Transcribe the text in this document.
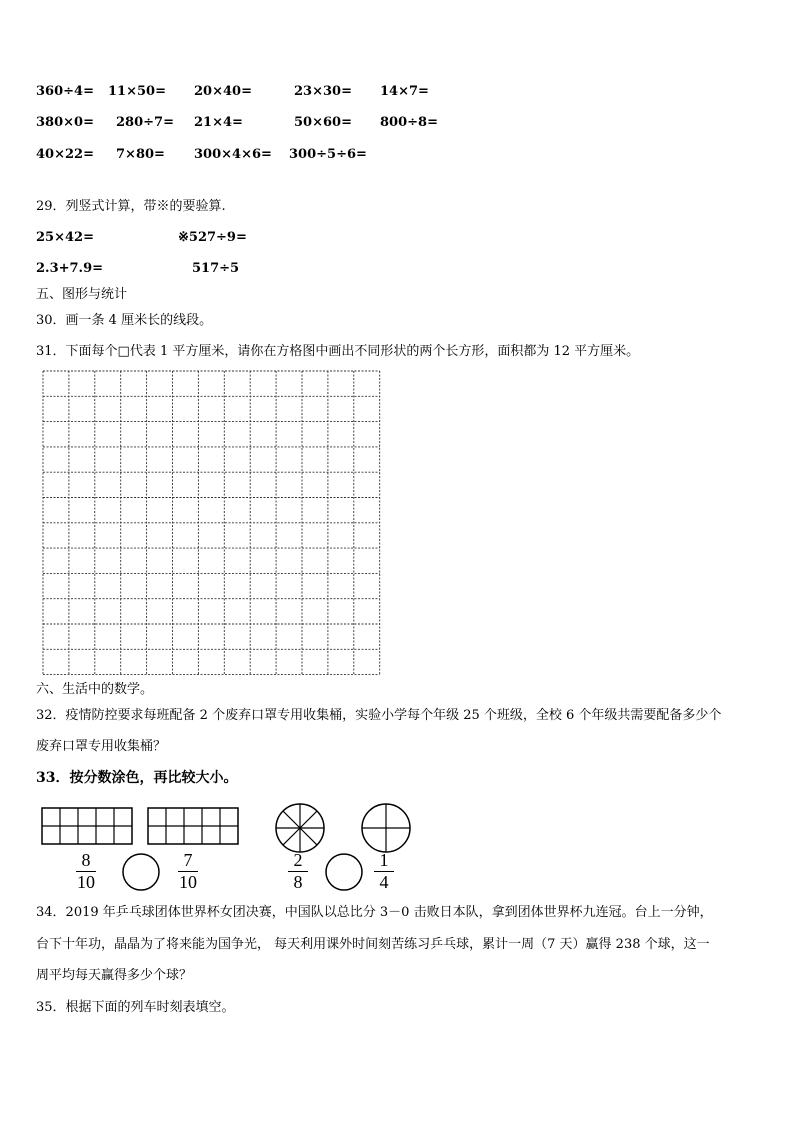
360÷4= 11×50= 20×40=	23×30= 14×7=
380×0= 280÷7= 21×4=	50×60= 800÷8=
40×22= 7×80= 300×4×6= 300÷5÷6=
29．列竖式计算，带※的要验算.
25×42=	※527÷9=
2.3+7.9=	517÷5
五、图形与统计
30．画一条 4 厘米长的线段。
31．下面每个□代表 1 平方厘米，请你在方格图中画出不同形状的两个长方形，面积都为 12 平方厘米。
六、生活中的数学。
32．疫情防控要求每班配备 2 个废弃口罩专用收集桶，实验小学每个年级 25 个班级，全校 6 个年级共需要配备多少个
废弃口罩专用收集桶？
33．按分数涂色，再比较大小。
8
10
7
10
2
8
1
4
34．2019 年乒乓球团体世界杯女团决赛，中国队以总比分 3－0 击败日本队，拿到团体世界杯九连冠。台上一分钟，
台下十年功，晶晶为了将来能为国争光， 每天利用课外时间刻苦练习乒乓球，累计一周（7 天）赢得 238 个球，这一
周平均每天赢得多少个球？
35．根据下面的列车时刻表填空。
